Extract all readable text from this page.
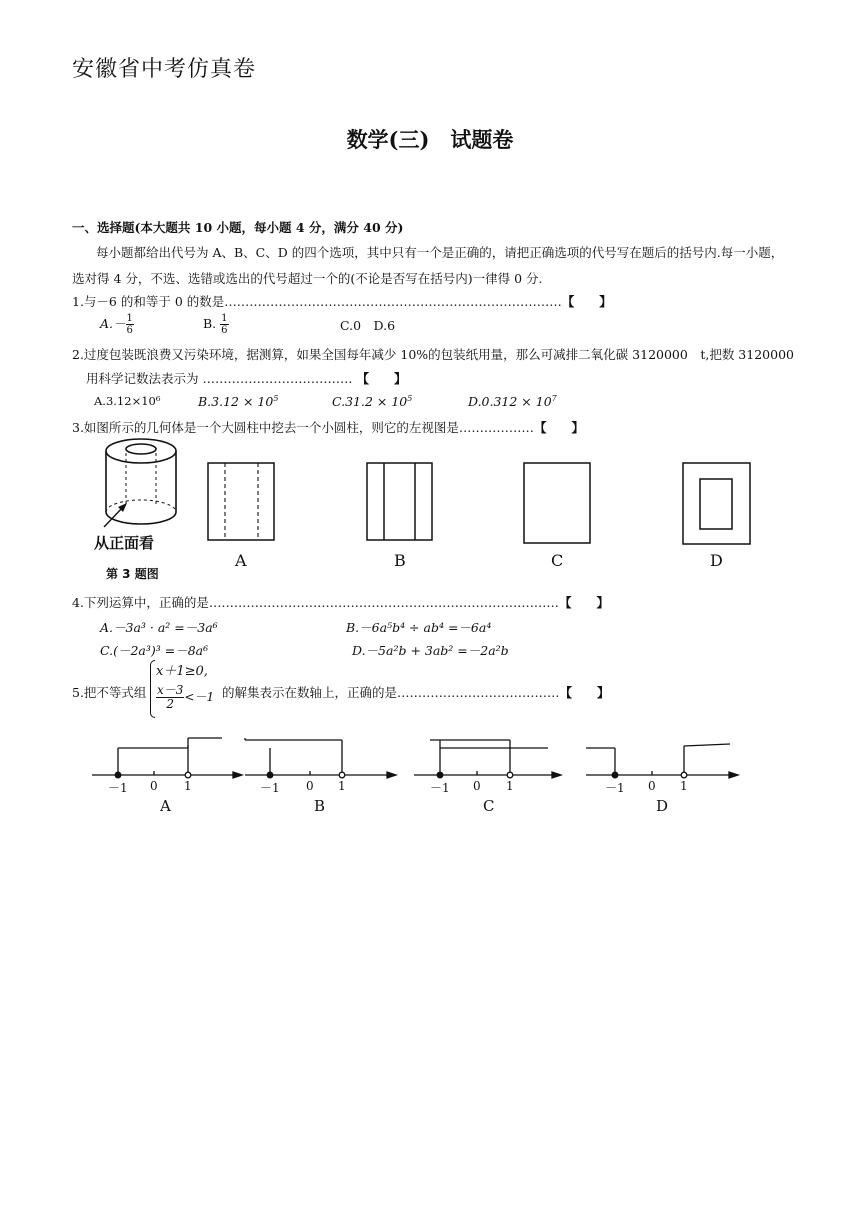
安徽省中考仿真卷
数学(三)　试题卷
一、选择题(本大题共 10 小题，每小题 4 分，满分 40 分)
每小题都给出代号为 A、B、C、D 的四个选项，其中只有一个是正确的，请把正确选项的代号写在题后的括号内.每一小题，
选对得 4 分，不选、选错或选出的代号超过一个的(不论是否写在括号内)一律得 0 分.
1.与－6 的和等于 0 的数是………………………………………………………………………【　　】
$A.- \frac{1}{6}$	B. $\frac{1}{6}$	C.0　D.6
2.过度包装既浪费又污染环境，据测算，如果全国每年减少 10%的包装纸用量，那么可减排二氧化碳 3120000　t,把数 3120000
用科学记数法表示为 ……………………………… 【　　】
A.3.12×10⁶	$B.3.12 \times 10^5$	$C.31.2 \times 10^5$	$D.0.312 \times 10^7$
3.如图所示的几何体是一个大圆柱中挖去一个小圆柱，则它的左视图是………………【　　】
从正面看
第 3 题图
A	B	C	D
4.下列运算中，正确的是…………………………………………………………………………【　　】
A.－3a³ · a² =－3a⁶	B.－6a⁵b⁴ ÷ ab⁴ =－6a⁴
C.(－2a³)³ =－8a⁶	D.－5a²b + 3ab² =－2a²b
5.把不等式组
x＋1≥0,
$\frac{x-3}{2} <-1$ 的解集表示在数轴上，正确的是…………………………………【　　】
－1 0 1
A
－1 0 1
B
－1 0 1
C
－1 0 1
D
